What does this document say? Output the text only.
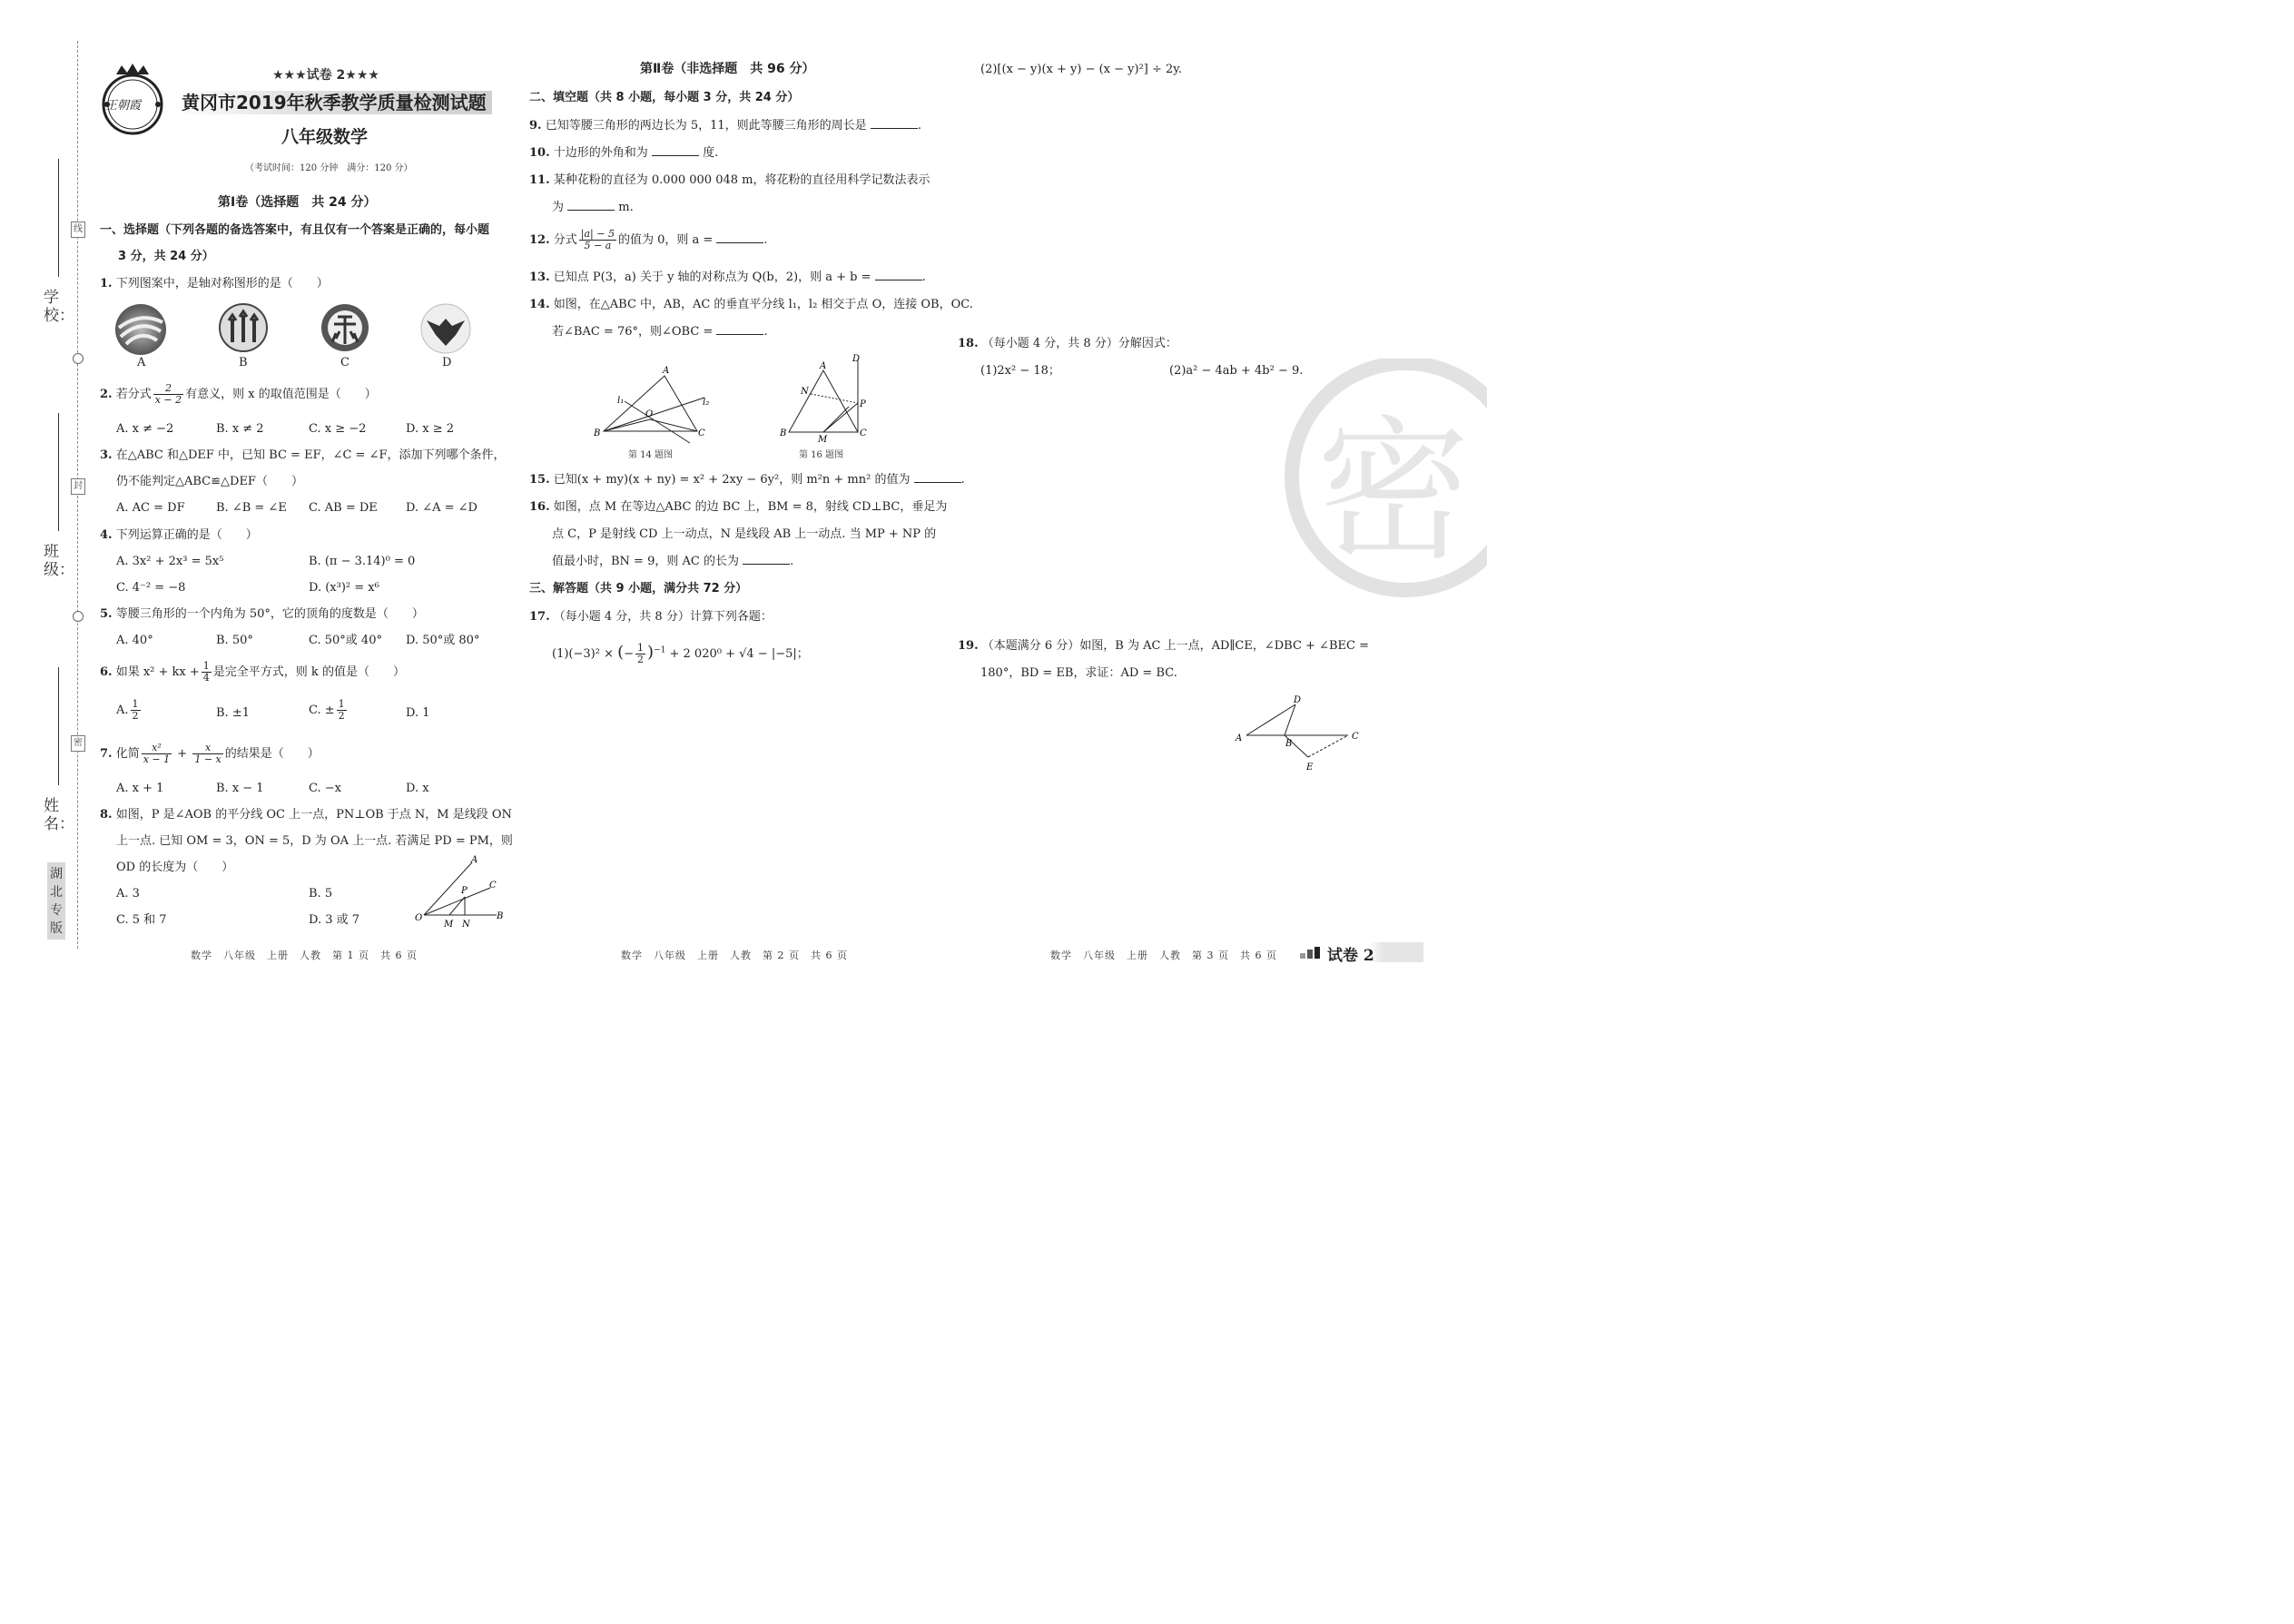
线
封
密
学校：
班级：
姓名：
湖北专版
王朝霞
★★★试卷 2★★★
黄冈市2019年秋季教学质量检测试题
八年级数学
（考试时间：120 分钟　满分：120 分）
第Ⅰ卷（选择题　共 24 分）
一、选择题（下列各题的备选答案中，有且仅有一个答案是正确的，每小题
3 分，共 24 分）
1. 下列图案中，是轴对称图形的是（　　）
A	B	C	D
2. 若分式 $\frac{2}{x - 2}$ 有意义，则 x 的取值范围是（　　）
A. x ≠ −2	B. x ≠ 2	C. x ≥ −2	D. x ≥ 2
3. 在△ABC 和△DEF 中，已知 BC = EF，∠C = ∠F，添加下列哪个条件，
仍不能判定△ABC≌△DEF（　　）
A. AC = DF	B. ∠B = ∠E C. AB = DE D. ∠A = ∠D
4. 下列运算正确的是（　　）
A. 3x² + 2x³ = 5x⁵	B. (π − 3.14)⁰ = 0
C. 4⁻² = −8	D. (x³)² = x⁶
5. 等腰三角形的一个内角为 50°，它的顶角的度数是（　　）
A. 40°	B. 50°	C. 50°或 40° D. 50°或 80°
6. 如果 x² + kx + $\frac{1}{4}$ 是完全平方式，则 k 的值是（　　）
A. $\frac{1}{2}$	B. ±1	C. ± $\frac{1}{2}$	D. 1
7. 化简 $\frac{\text{x²}}{x - 1} + \frac{x}{1 - x}$ 的结果是（　　）
A. x + 1	B. x − 1	C. −x	D. x
8. 如图，P 是∠AOB 的平分线 OC 上一点，PN⊥OB 于点 N，M 是线段 ON
上一点. 已知 OM = 3，ON = 5，D 为 OA 上一点. 若满足 PD = PM，则
OD 的长度为（　　）
A. 3	B. 5
C. 5 和 7	D. 3 或 7
A
C
P
O
M N
B
数学　八年级　上册　人教　第 1 页　共 6 页
第Ⅱ卷（非选择题　共 96 分）
二、填空题（共 8 小题，每小题 3 分，共 24 分）
9. 已知等腰三角形的两边长为 5，11，则此等腰三角形的周长是	.
10. 十边形的外角和为	度.
11. 某种花粉的直径为 0.000 000 048 m，将花粉的直径用科学记数法表示
为	m.
12. 分式 $\frac{|a| - 5}{5 - a}$ 的值为 0，则 a =	.
13. 已知点 P(3，a) 关于 y 轴的对称点为 Q(b，2)，则 a + b =	.
14. 如图，在△ABC 中，AB，AC 的垂直平分线 l₁，l₂ 相交于点 O，连接 OB，OC.
若∠BAC = 76°，则∠OBC =	.
A
l₁	l₂
O
B	C
第 14 题图
A
D
N
P
B
M
C
第 16 题图
15. 已知(x + my)(x + ny) = x² + 2xy − 6y²，则 m²n + mn² 的值为	.
16. 如图，点 M 在等边△ABC 的边 BC 上，BM = 8，射线 CD⊥BC，垂足为
点 C，P 是射线 CD 上一动点，N 是线段 AB 上一动点. 当 MP + NP 的
值最小时，BN = 9，则 AC 的长为	.
三、解答题（共 9 小题，满分共 72 分）
17. （每小题 4 分，共 8 分）计算下列各题：
(1)(−3)² × (− $\frac{1}{2} )^{-1} + 2$ 020⁰ + √4 − |−5|；
数学　八年级　上册　人教　第 2 页　共 6 页
(2)[(x − y)(x + y) − (x − y)²] ÷ 2y.
密
18. （每小题 4 分，共 8 分）分解因式：
(1)2x² − 18；	(2)a² − 4ab + 4b² − 9.
19. （本题满分 6 分）如图，B 为 AC 上一点，AD∥CE，∠DBC + ∠BEC =
180°，BD = EB，求证：AD = BC.
D
A
B
C
E
数学　八年级　上册　人教　第 3 页　共 6 页	试卷 2
